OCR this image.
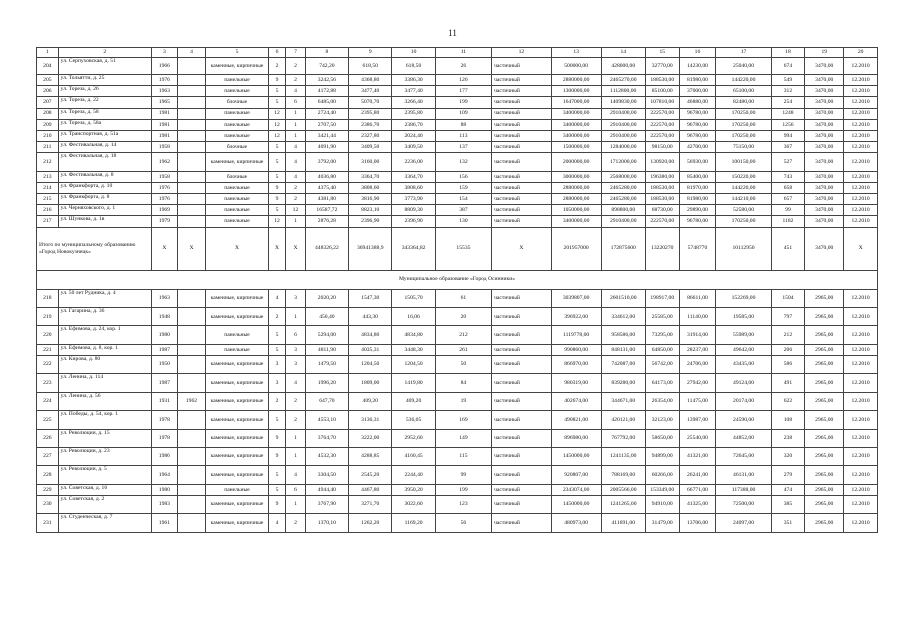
11
1	2	3	4	5	6	7	8	9	10	11	12	13	14	15	16	17	18	19	20
204	ул. Серпуховская, д. 51	1966		каменные, кирпичные	2	2	742,20	618,50	618,50	26	частичный	500000,00	428000,00	32770,00	14230,00	25040,00	674	3470,00	12.2010
205	ул. Тольятти, д. 25	1976		панельные	9	2	3242,56	4368,80	3386,30	126	частичный	2880000,00	2465270,00	188530,00	81980,00	144220,00	549	3470,00	12.2010
206	ул. Тореза, д. 26	1963		панельные	5	4	4172,88	3477,40	3477,40	177	частичный	1300000,00	1112800,00	85100,00	37000,00	65100,00	312	3470,00	12.2010
207	ул. Тореза, д. 22	1965		блочные	5	6	6485,00	5070,70	3266,40	199	частичный	1647000,00	1409830,00	107810,00	46880,00	82480,00	254	3470,00	12.2010
208	ул. Тореза, д. 58	1981		панельные	12	1	2724,40	2395,80	2395,80	109	частичный	3400000,00	2910400,00	222570,00	96780,00	170250,00	1248	3470,00	12.2010
209	ул. Тореза, д. 58а	1981		панельные	12	1	2707,50	2386,70	2386,70	88	частичный	3400000,00	2910400,00	222570,00	96780,00	170250,00	1256	3470,00	12.2010
210	ул. Транспортная, д. 51а	1981		панельные	12	1	3421,44	2327,80	2024,40	113	частичный	3400000,00	2910400,00	222570,00	96780,00	170250,00	994	3470,00	12.2010
211	ул. Фестивальная, д. 14	1958		блочные	5	4	4091,90	3409,50	3409,50	137	частичный	1500000,00	1284000,00	98150,00	42700,00	75150,00	367	3470,00	12.2010
212	ул. Фестивальная, д. 18	1962		каменные, кирпичные	5	4	3792,00	3160,00	2236,00	132	частичный	2000000,00	1712000,00	130920,00	56930,00	100150,00	527	3470,00	12.2010
213	ул. Фестивальная, д. 8	1958		блочные	5	4	4036,80	3364,70	3364,70	156	частичный	3000000,00	2568000,00	196380,00	85400,00	150220,00	743	3470,00	12.2010
214	ул. Франкфорта, д. 10	1976		панельные	9	2	4375,40	3808,60	3808,60	159	частичный	2880000,00	2465280,00	188530,00	81970,00	144220,00	658	3470,00	12.2010
215	ул. Франкфорта, д. 8	1976		панельные	9	2	4381,80	3816,90	3773,90	154	частичный	2880000,00	2465280,00	188530,00	81980,00	144210,00	657	3470,00	12.2010
216	ул. Черняховского, д. 1	1969		панельные	5	12	16587,72	8823,10	8809,30	387	частичный	1050000,00	898800,00	68730,00	29890,00	52580,00	99	3470,00	12.2010
217	ул. Шункова, д. 1в	1979		панельные	12	1	2876,28	2396,90	2396,90	130	частичный	3400000,00	2910400,00	222570,00	96780,00	170250,00	1182	3470,00	12.2010
Итого по муниципальному образованию «Город Новокузнецк»		X	X	X	X	X	448326,22	36941388,9	343364,82	15535	X	201957000	172875600	13220270	5748770	10112950	451	3470,00	X
Муниципальное образование «Город Осинники»																			
218	ул. 50 лет Рудника, д. 4	1963		каменные, кирпичные	4	3	2020,20	1547,30	1505,70	61	частичный	3039807,00	2601510,00	198917,00	86611,00	152269,00	1504	2965,00	12.2010
219	ул. Гагарина, д. 36	1948		каменные, кирпичные	2	1	450,40	443,30	16,06	20	частичный	396922,00	334612,00	25585,00	11140,00	19585,00	797	2965,00	12.2010
220	ул. Ефимова, д. 24, кор. 1	1980		панельные	5	6	5294,00	4834,80	4834,80	212	частичный	1119778,00	958586,00	73295,00	31914,00	55989,00	212	2965,00	12.2010
221	ул. Ефимова, д. 8, кор. 1	1987		панельные	5	3	4811,90	4035,31	3448,30	261	частичный	990860,00	848131,00	64850,00	28237,00	49642,00	206	2965,00	12.2010
222	ул. Кирова, д. 80	1950		каменные, кирпичные	3	3	1479,50	1204,50	1204,50	50	частичный	866970,00	742087,00	56742,00	24706,00	43435,00	586	2965,00	12.2010
223	ул. Ленина, д. 114	1987		каменные, кирпичные	3	4	1996,20	1809,00	1419,80	84	частичный	980319,00	839280,00	64173,00	27942,00	49124,00	491	2965,00	12.2010
224	ул. Ленина, д. 56	1931	1962	каменные, кирпичные	2	2	647,70	409,20	409,20	19	частичный	402674,00	344671,00	26354,00	11475,00	20174,00	622	2965,00	12.2010
225	ул. Победы, д. 54, кор. 1	1978		каменные, кирпичные	5	2	4553,10	3136,31	536,05	169	частичный	490821,00	420121,00	32123,00	13987,00	24590,00	108	2965,00	12.2010
226	ул. Революции, д. 15	1978		каменные, кирпичные	9	1	3764,70	3222,00	2952,60	149	частичный	896980,00	767792,00	58650,00	25540,00	44852,00	238	2965,00	12.2010
227	ул. Революции, д. 23	1986		каменные, кирпичные	9	1	4532,30	4288,85	4160,45	115	частичный	1450000,00	1241135,00	94899,00	41321,00	72645,00	320	2965,00	12.2010
228	ул. Революции, д. 5	1964		каменные, кирпичные	5	4	3304,50	2545,20	2244,40	99	частичный	920807,00	788169,00	60266,00	26241,00	46131,00	279	2965,00	12.2010
229	ул. Советская, д. 16	1980		панельные	5	6	4944,40	4467,80	3950,20	199	частичный	2343074,00	2005566,00	153349,00	66771,00	117388,00	474	2965,00	12.2010
230	ул. Советская, д. 2	1983		каменные, кирпичные	9	1	3767,90	3271,70	3022,60	123	частичный	1450000,00	1241265,00	94910,00	41325,00	72500,00	385	2965,00	12.2010
231	ул. Студенческая, д. 7	1961		каменные, кирпичные	4	2	1370,10	1262,20	1169,20	56	частичный	480973,00	411691,00	31479,00	13706,00	24097,00	351	2965,00	12.2010
